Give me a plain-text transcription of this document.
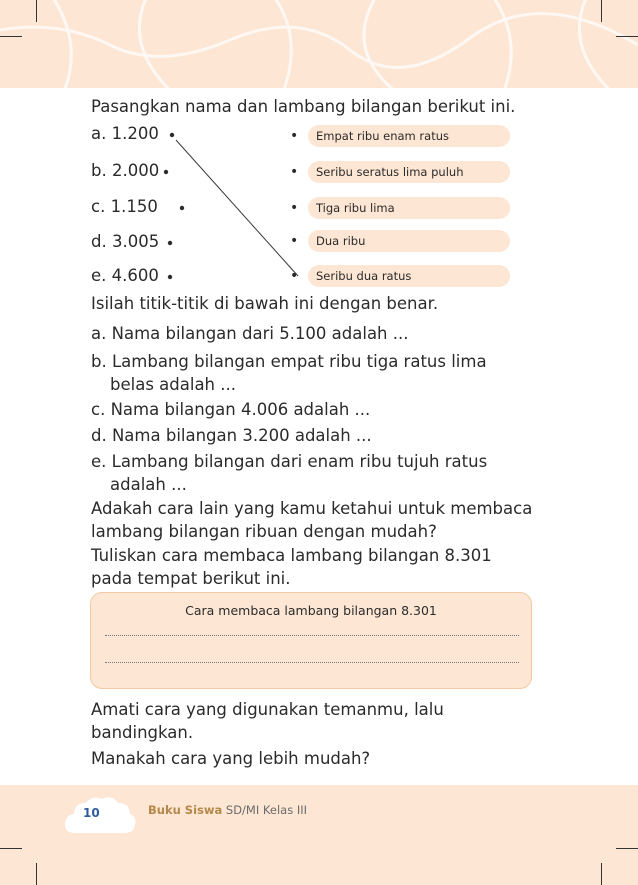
Pasangkan nama dan lambang bilangan berikut ini.
a. 1.200
b. 2.000
c. 1.150
d. 3.005
e. 4.600
•	Empat ribu enam ratus
•	Seribu seratus lima puluh
•	Tiga ribu lima
•	Dua ribu
•	Seribu dua ratus
Isilah titik-titik di bawah ini dengan benar.
a. Nama bilangan dari 5.100 adalah ...
b. Lambang bilangan empat ribu tiga ratus lima
belas adalah ...
c. Nama bilangan 4.006 adalah ...
d. Nama bilangan 3.200 adalah ...
e. Lambang bilangan dari enam ribu tujuh ratus
adalah ...
Adakah cara lain yang kamu ketahui untuk membaca
lambang bilangan ribuan dengan mudah?
Tuliskan cara membaca lambang bilangan 8.301
pada tempat berikut ini.
Cara membaca lambang bilangan 8.301
Amati cara yang digunakan temanmu, lalu
bandingkan.
Manakah cara yang lebih mudah?
10	Buku Siswa SD/MI Kelas III
